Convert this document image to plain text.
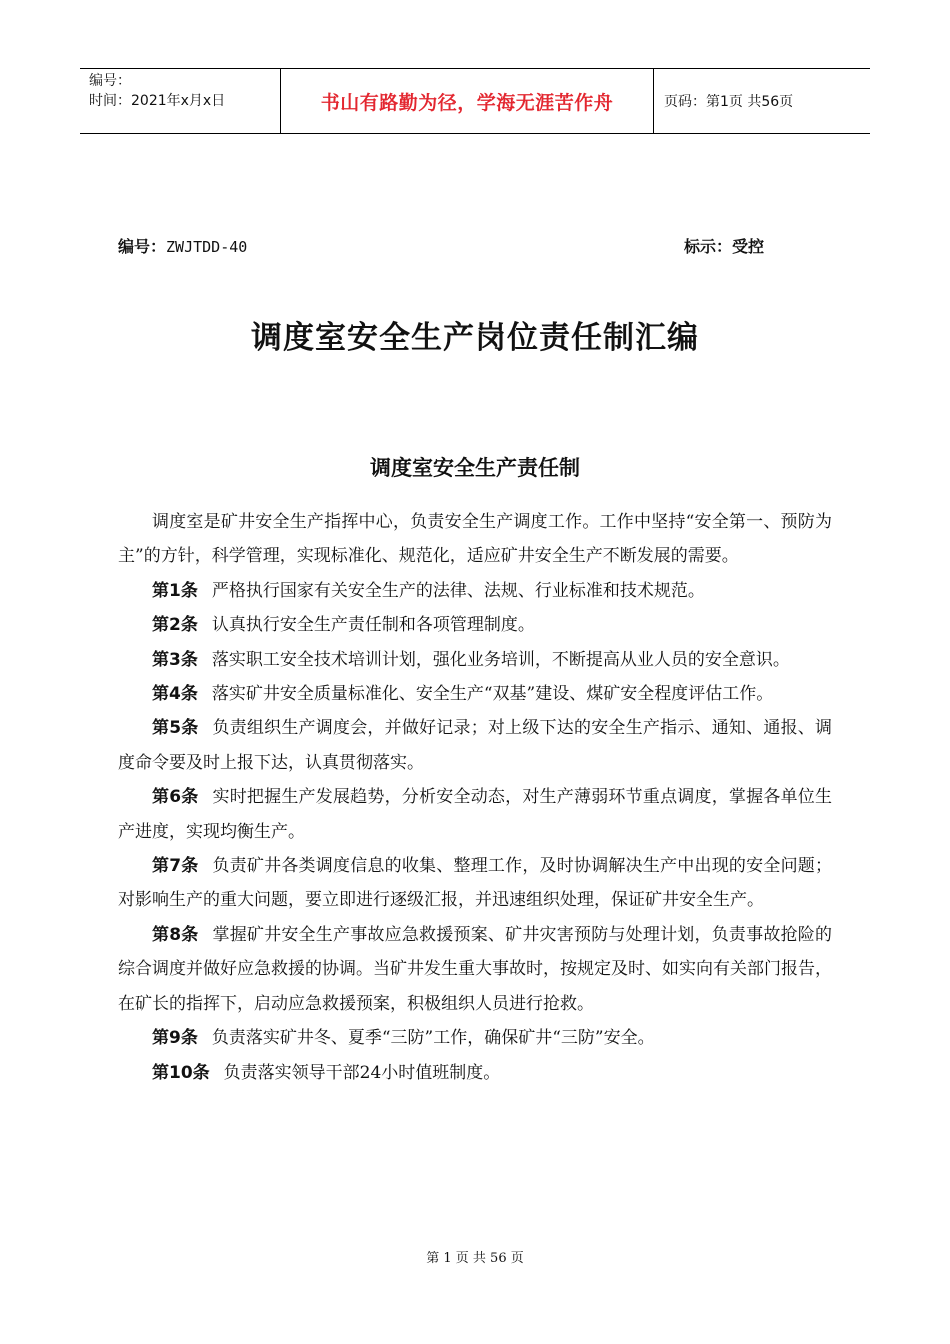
编号：
时间：2021年x月x日	书山有路勤为径，学海无涯苦作舟	页码：第1页 共56页
编号：ZWJTDD-40	标示：受控
调度室安全生产岗位责任制汇编
调度室安全生产责任制

调度室是矿井安全生产指挥中心，负责安全生产调度工作。工作中坚持“安全第一、预防为主”的方针，科学管理，实现标准化、规范化，适应矿井安全生产不断发展的需要。

第1条 严格执行国家有关安全生产的法律、法规、行业标准和技术规范。

第2条 认真执行安全生产责任制和各项管理制度。

第3条 落实职工安全技术培训计划，强化业务培训，不断提高从业人员的安全意识。

第4条 落实矿井安全质量标准化、安全生产“双基”建设、煤矿安全程度评估工作。

第5条 负责组织生产调度会，并做好记录；对上级下达的安全生产指示、通知、通报、调度命令要及时上报下达，认真贯彻落实。

第6条 实时把握生产发展趋势，分析安全动态，对生产薄弱环节重点调度，掌握各单位生产进度，实现均衡生产。

第7条 负责矿井各类调度信息的收集、整理工作，及时协调解决生产中出现的安全问题；对影响生产的重大问题，要立即进行逐级汇报，并迅速组织处理，保证矿井安全生产。

第8条 掌握矿井安全生产事故应急救援预案、矿井灾害预防与处理计划，负责事故抢险的综合调度并做好应急救援的协调。当矿井发生重大事故时，按规定及时、如实向有关部门报告，在矿长的指挥下，启动应急救援预案，积极组织人员进行抢救。

第9条 负责落实矿井冬、夏季“三防”工作，确保矿井“三防”安全。

第10条 负责落实领导干部24小时值班制度。

第 1 页 共 56 页
